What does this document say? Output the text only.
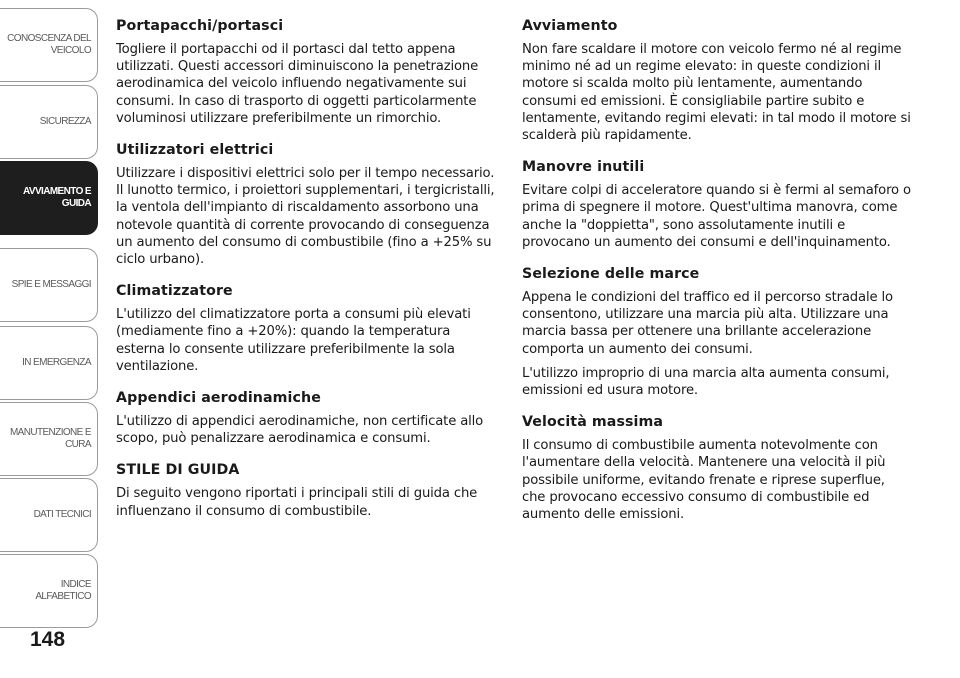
CONOSCENZA DEL
VEICOLO
SICUREZZA
AVVIAMENTO E
GUIDA
SPIE E MESSAGGI
IN EMERGENZA
MANUTENZIONE E
CURA
DATI TECNICI
INDICE ALFABETICO
148
Portapacchi/portasci

Togliere il portapacchi od il portasci dal tetto appena utilizzati. Questi accessori diminuiscono la penetrazione aerodinamica del veicolo influendo negativamente sui consumi. In caso di trasporto di oggetti particolarmente voluminosi utilizzare preferibilmente un rimorchio.

Utilizzatori elettrici

Utilizzare i dispositivi elettrici solo per il tempo necessario. Il lunotto termico, i proiettori supplementari, i tergicristalli, la ventola dell'impianto di riscaldamento assorbono una notevole quantità di corrente provocando di conseguenza un aumento del consumo di combustibile (fino a +25% su ciclo urbano).

Climatizzatore

L'utilizzo del climatizzatore porta a consumi più elevati (mediamente fino a +20%): quando la temperatura esterna lo consente utilizzare preferibilmente la sola ventilazione.

Appendici aerodinamiche

L'utilizzo di appendici aerodinamiche, non certificate allo scopo, può penalizzare aerodinamica e consumi.

STILE DI GUIDA

Di seguito vengono riportati i principali stili di guida che influenzano il consumo di combustibile.

Avviamento

Non fare scaldare il motore con veicolo fermo né al regime minimo né ad un regime elevato: in queste condizioni il motore si scalda molto più lentamente, aumentando consumi ed emissioni. È consigliabile partire subito e lentamente, evitando regimi elevati: in tal modo il motore si scalderà più rapidamente.

Manovre inutili

Evitare colpi di acceleratore quando si è fermi al semaforo o prima di spegnere il motore. Quest'ultima manovra, come anche la "doppietta", sono assolutamente inutili e provocano un aumento dei consumi e dell'inquinamento.

Selezione delle marce

Appena le condizioni del traffico ed il percorso stradale lo consentono, utilizzare una marcia più alta. Utilizzare una marcia bassa per ottenere una brillante accelerazione comporta un aumento dei consumi.

L'utilizzo improprio di una marcia alta aumenta consumi, emissioni ed usura motore.

Velocità massima

Il consumo di combustibile aumenta notevolmente con l'aumentare della velocità. Mantenere una velocità il più possibile uniforme, evitando frenate e riprese superflue, che provocano eccessivo consumo di combustibile ed aumento delle emissioni.
